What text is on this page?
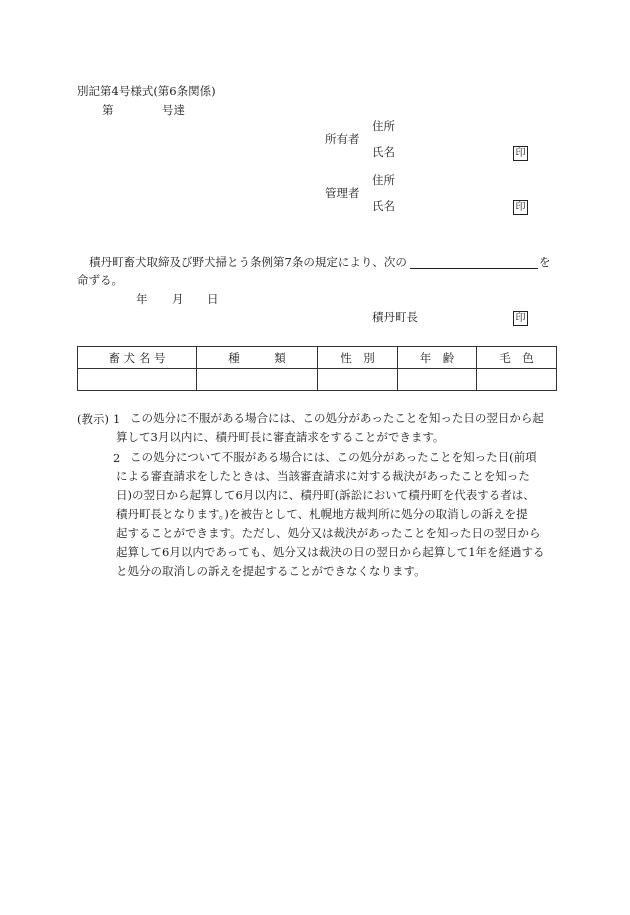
別記第4号様式(第6条関係)
第	号達
住所
所有者
氏名	印
住所
管理者
氏名	印
積丹町畜犬取締及び野犬掃とう条例第7条の規定により、次の	を
命ずる。
年 月 日
積丹町長	印
畜 犬 名 号	種　　　類	性　別	年　齢	毛　色

(教示) 1 この処分に不服がある場合には、この処分があったことを知った日の翌日から起

算して3月以内に、積丹町長に審査請求をすることができます。

2 この処分について不服がある場合には、この処分があったことを知った日(前項

による審査請求をしたときは、当該審査請求に対する裁決があったことを知った

日)の翌日から起算して6月以内に、積丹町(訴訟において積丹町を代表する者は、

積丹町長となります。)を被告として、札幌地方裁判所に処分の取消しの訴えを提

起することができます。ただし、処分又は裁決があったことを知った日の翌日から

起算して6月以内であっても、処分又は裁決の日の翌日から起算して1年を経過する

と処分の取消しの訴えを提起することができなくなります。
